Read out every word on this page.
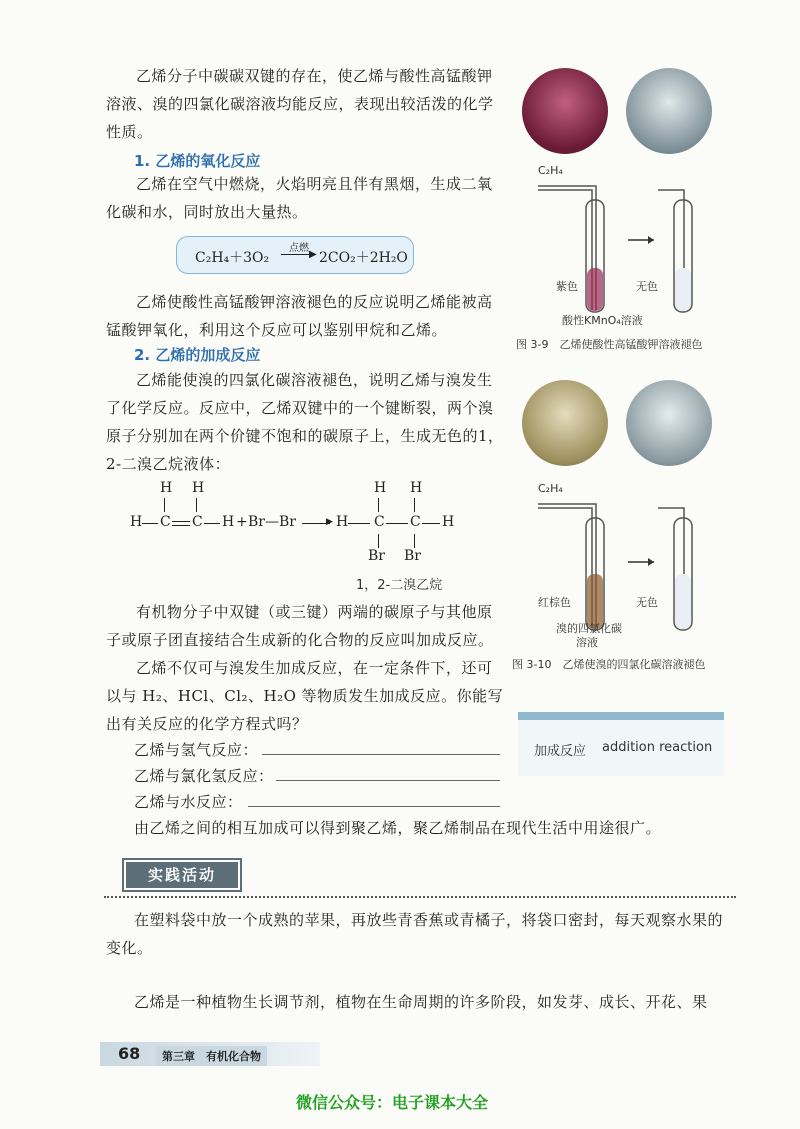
乙烯分子中碳碳双键的存在，使乙烯与酸性高锰酸钾溶液、溴的四氯化碳溶液均能反应，表现出较活泼的化学性质。
1. 乙烯的氧化反应
乙烯在空气中燃烧，火焰明亮且伴有黑烟，生成二氧化碳和水，同时放出大量热。
C₂H₄＋3O₂
点燃
▶ 2CO₂＋2H₂O
乙烯使酸性高锰酸钾溶液褪色的反应说明乙烯能被高锰酸钾氧化，利用这个反应可以鉴别甲烷和乙烯。
2. 乙烯的加成反应
乙烯能使溴的四氯化碳溶液褪色，说明乙烯与溴发生了化学反应。反应中，乙烯双键中的一个键断裂，两个溴原子分别加在两个价键不饱和的碳原子上，生成无色的1，2-二溴乙烷液体：
H H
H C C H + Br—Br	▶ H
H
C
Br
H
C
Br
H
1，2-二溴乙烷
有机物分子中双键（或三键）两端的碳原子与其他原子或原子团直接结合生成新的化合物的反应叫加成反应。
乙烯不仅可与溴发生加成反应，在一定条件下，还可以与 H₂、HCl、Cl₂、H₂O 等物质发生加成反应。你能写出有关反应的化学方程式吗？
乙烯与氢气反应：
乙烯与氯化氢反应：
乙烯与水反应：
由乙烯之间的相互加成可以得到聚乙烯，聚乙烯制品在现代生活中用途很广。
C₂H₄
紫色	无色
酸性KMnO₄溶液
图 3-9　乙烯使酸性高锰酸钾溶液褪色
C₂H₄
红棕色	无色
溴的四氯化碳
溶液
图 3-10　乙烯使溴的四氯化碳溶液褪色
加成反应 addition reaction
实践活动
在塑料袋中放一个成熟的苹果，再放些青香蕉或青橘子，将袋口密封，每天观察水果的变化。
乙烯是一种植物生长调节剂，植物在生命周期的许多阶段，如发芽、成长、开花、果
68	第三章　有机化合物
微信公众号：电子课本大全
